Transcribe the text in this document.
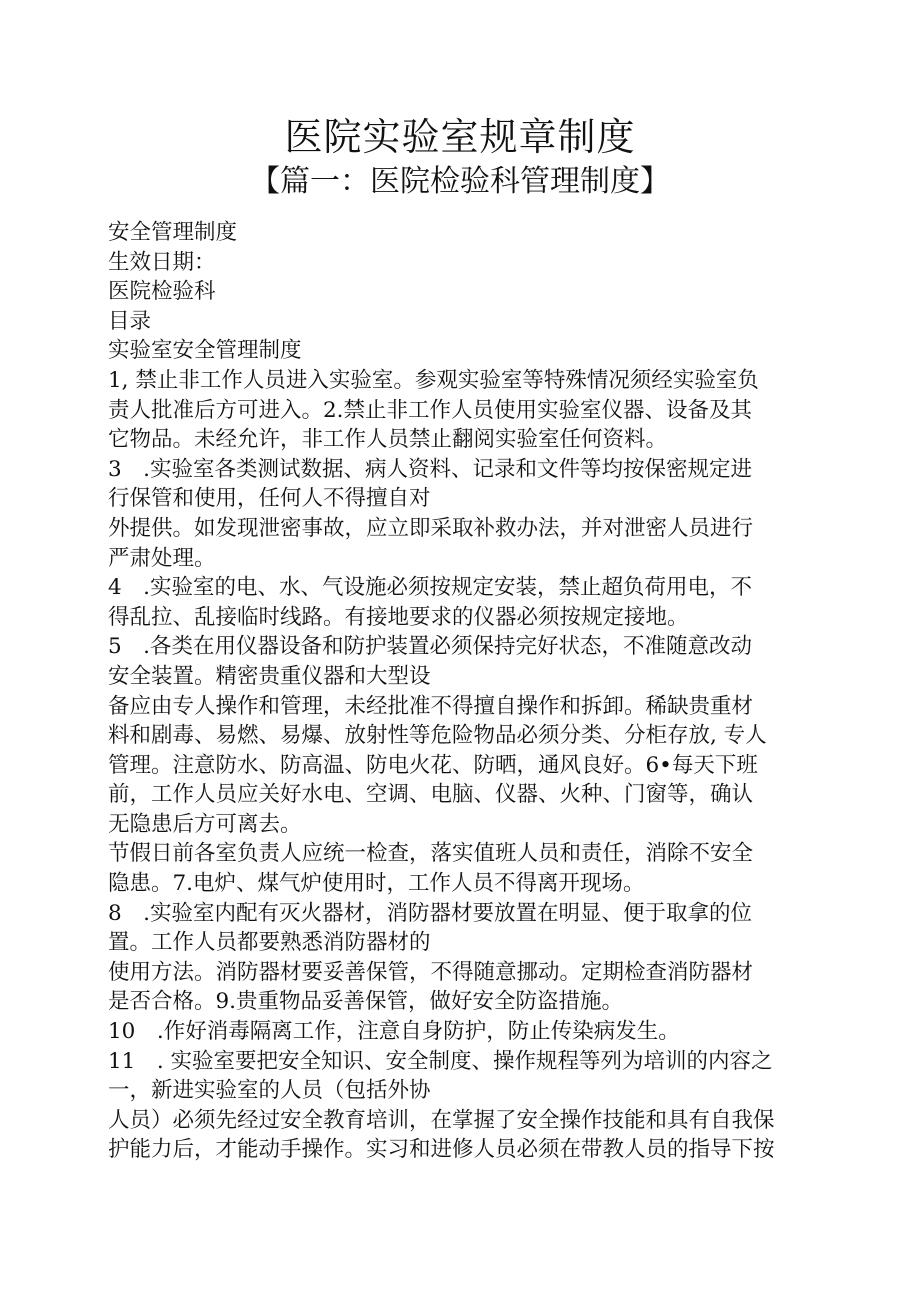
医院实验室规章制度
【篇一：医院检验科管理制度】
安全管理制度
生效日期：
医院检验科
目录
实验室安全管理制度
1, 禁止非工作人员进入实验室。参观实验室等特殊情况须经实验室负
责人批准后方可进入。2.禁止非工作人员使用实验室仪器、设备及其
它物品。未经允许，非工作人员禁止翻阅实验室任何资料。
3　.实验室各类测试数据、病人资料、记录和文件等均按保密规定进
行保管和使用，任何人不得擅自对
外提供。如发现泄密事故，应立即采取补救办法，并对泄密人员进行
严肃处理。
4　.实验室的电、水、气设施必须按规定安装，禁止超负荷用电，不
得乱拉、乱接临时线路。有接地要求的仪器必须按规定接地。
5　.各类在用仪器设备和防护装置必须保持完好状态，不准随意改动
安全装置。精密贵重仪器和大型设
备应由专人操作和管理，未经批准不得擅自操作和拆卸。稀缺贵重材
料和剧毒、易燃、易爆、放射性等危险物品必须分类、分柜存放, 专人
管理。注意防水、防高温、防电火花、防晒，通风良好。6•每天下班
前，工作人员应关好水电、空调、电脑、仪器、火种、门窗等，确认
无隐患后方可离去。
节假日前各室负责人应统一检查，落实值班人员和责任，消除不安全
隐患。7.电炉、煤气炉使用时，工作人员不得离开现场。
8　.实验室内配有灭火器材，消防器材要放置在明显、便于取拿的位
置。工作人员都要熟悉消防器材的
使用方法。消防器材要妥善保管，不得随意挪动。定期检查消防器材
是否合格。9.贵重物品妥善保管，做好安全防盗措施。
10　.作好消毒隔离工作，注意自身防护，防止传染病发生。
11　. 实验室要把安全知识、安全制度、操作规程等列为培训的内容之
一，新进实验室的人员（包括外协
人员）必须先经过安全教育培训，在掌握了安全操作技能和具有自我保
护能力后，才能动手操作。实习和进修人员必须在带教人员的指导下按
